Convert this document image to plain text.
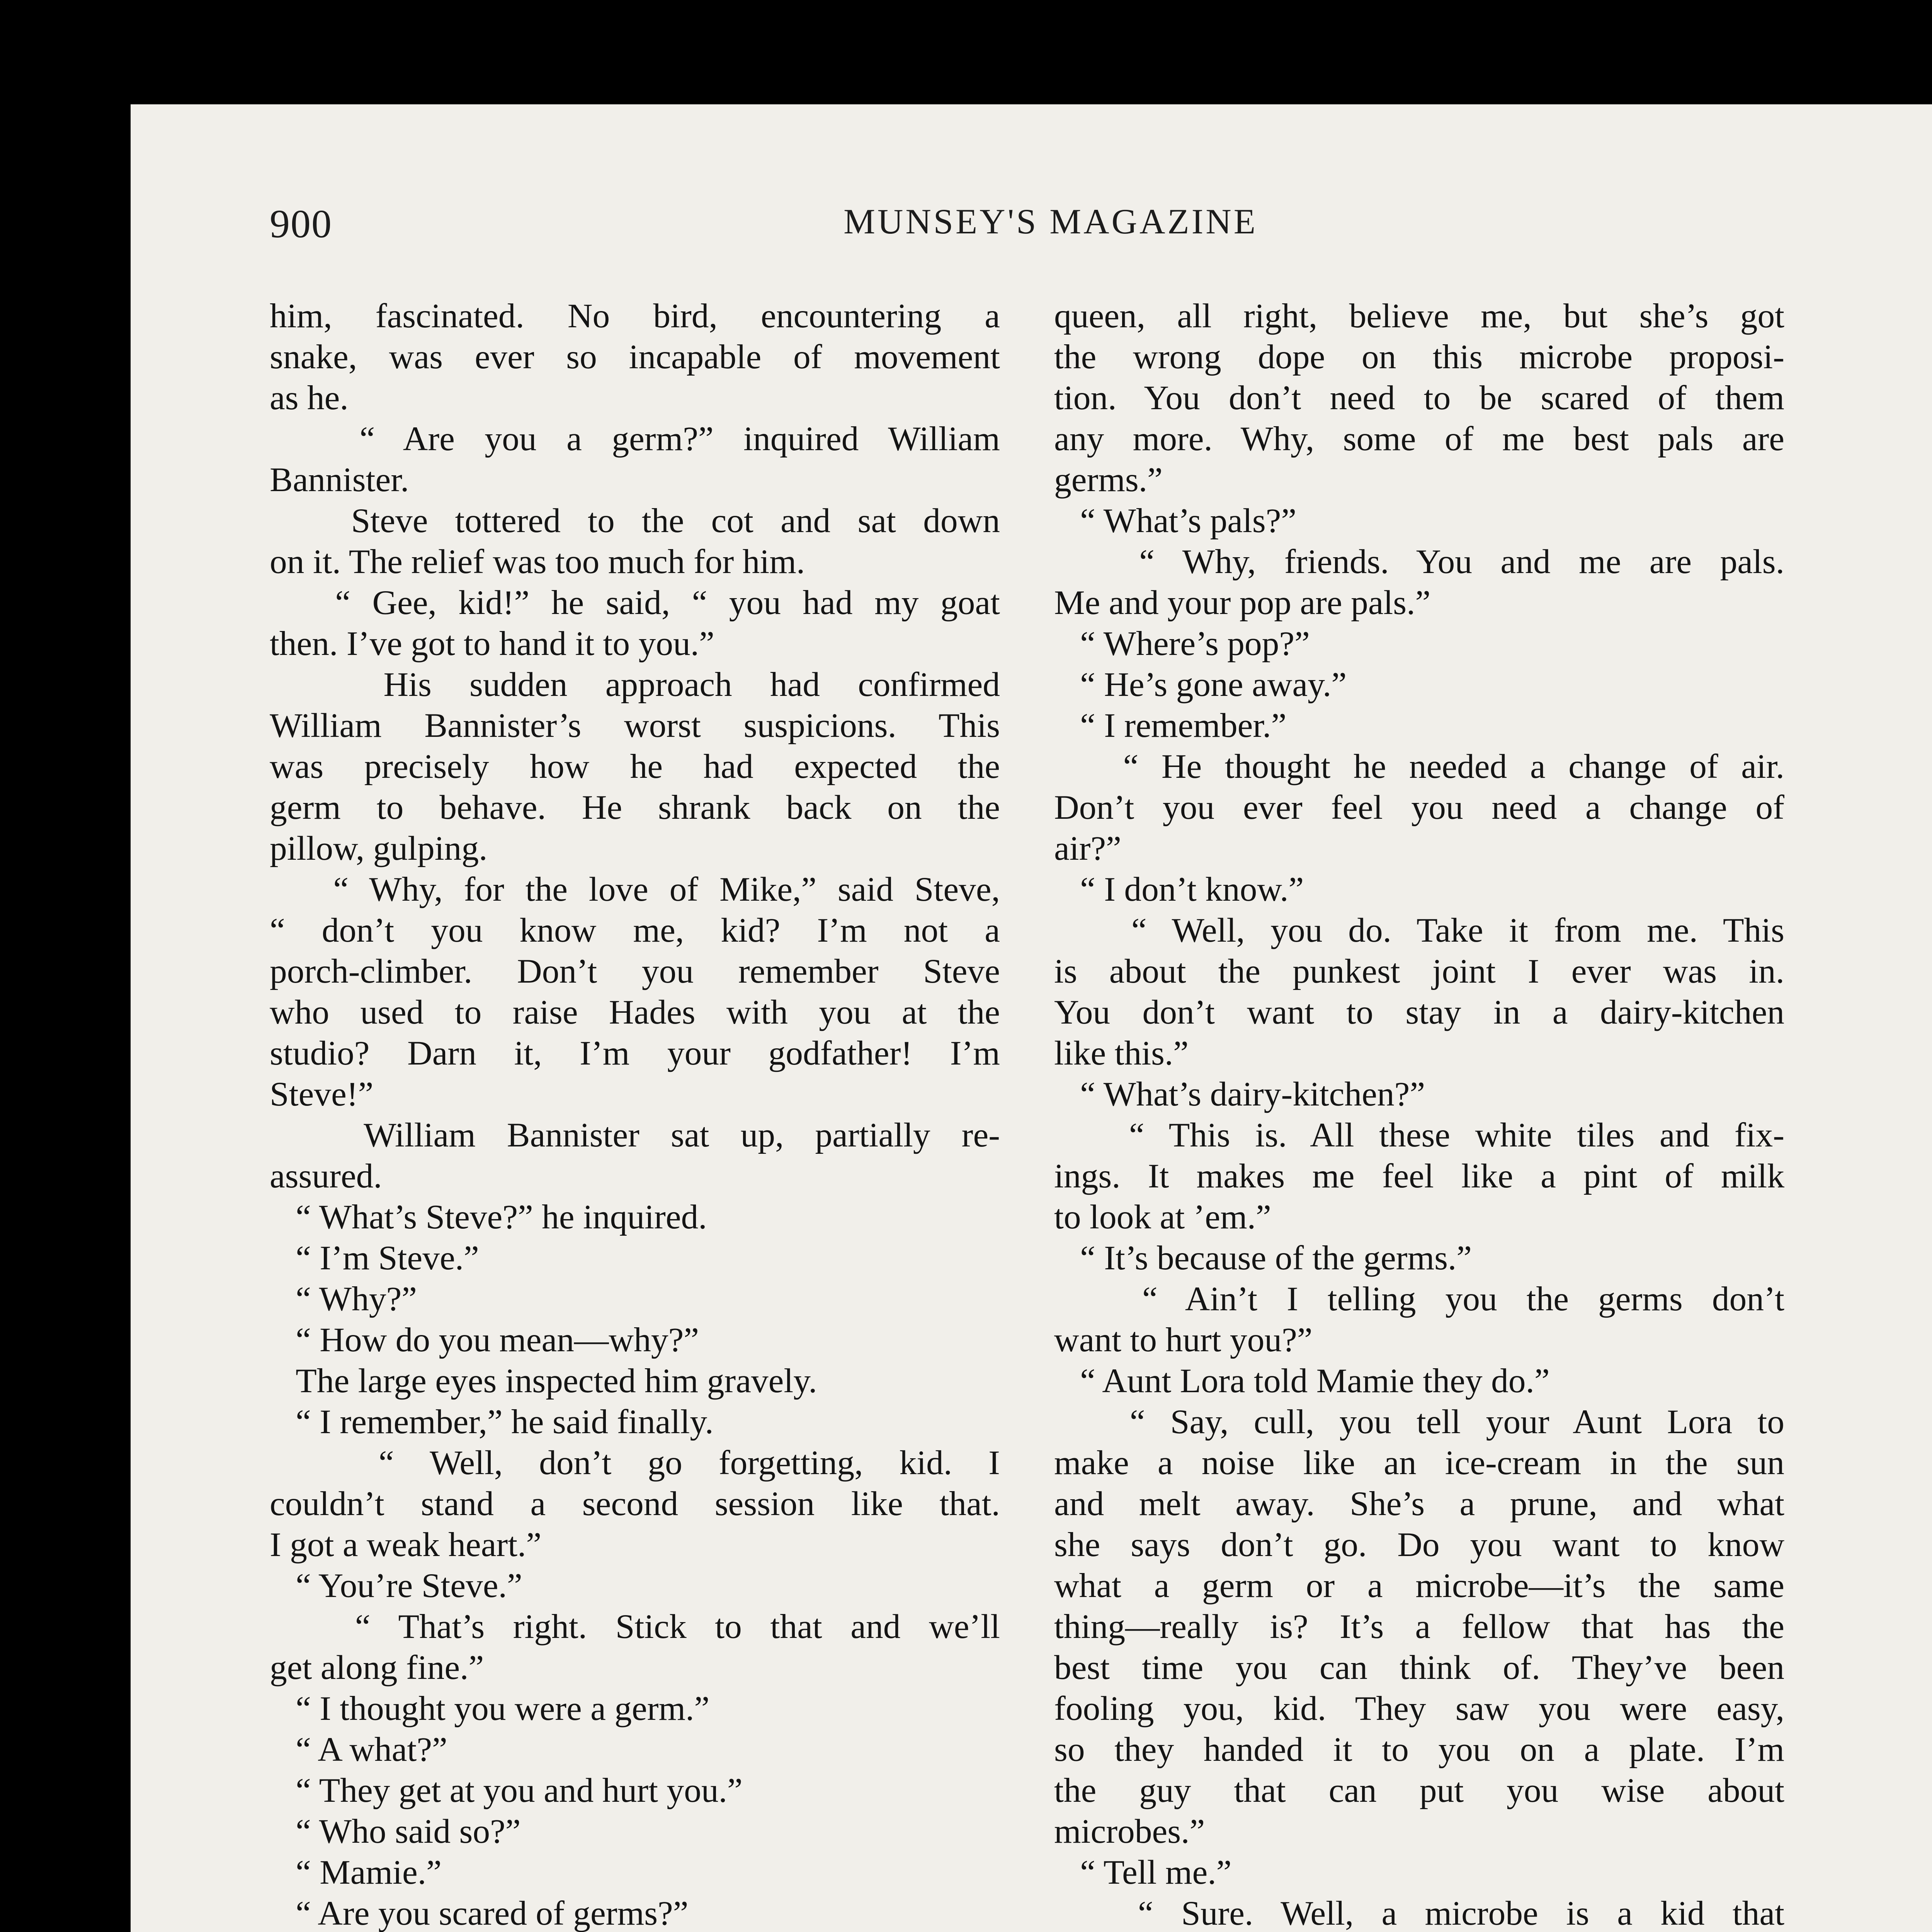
900	MUNSEY'S MAGAZINE
him, fascinated. No bird, encountering a
snake, was ever so incapable of movement
as he.
“ Are you a germ?” inquired William
Bannister.
Steve tottered to the cot and sat down
on it. The relief was too much for him.
“ Gee, kid!” he said, “ you had my goat
then. I’ve got to hand it to you.”
His sudden approach had confirmed
William Bannister’s worst suspicions. This
was precisely how he had expected the
germ to behave. He shrank back on the
pillow, gulping.
“ Why, for the love of Mike,” said Steve,
“ don’t you know me, kid? I’m not a
porch-climber. Don’t you remember Steve
who used to raise Hades with you at the
studio? Darn it, I’m your godfather! I’m
Steve!”
William Bannister sat up, partially re-
assured.
“ What’s Steve?” he inquired.
“ I’m Steve.”
“ Why?”
“ How do you mean—why?”
The large eyes inspected him gravely.
“ I remember,” he said finally.
“ Well, don’t go forgetting, kid. I
couldn’t stand a second session like that.
I got a weak heart.”
“ You’re Steve.”
“ That’s right. Stick to that and we’ll
get along fine.”
“ I thought you were a germ.”
“ A what?”
“ They get at you and hurt you.”
“ Who said so?”
“ Mamie.”
“ Are you scared of germs?”
queen, all right, believe me, but she’s got
the wrong dope on this microbe proposi-
tion. You don’t need to be scared of them
any more. Why, some of me best pals are
germs.”
“ What’s pals?”
“ Why, friends. You and me are pals.
Me and your pop are pals.”
“ Where’s pop?”
“ He’s gone away.”
“ I remember.”
“ He thought he needed a change of air.
Don’t you ever feel you need a change of
air?”
“ I don’t know.”
“ Well, you do. Take it from me. This
is about the punkest joint I ever was in.
You don’t want to stay in a dairy-kitchen
like this.”
“ What’s dairy-kitchen?”
“ This is. All these white tiles and fix-
ings. It makes me feel like a pint of milk
to look at ’em.”
“ It’s because of the germs.”
“ Ain’t I telling you the germs don’t
want to hurt you?”
“ Aunt Lora told Mamie they do.”
“ Say, cull, you tell your Aunt Lora to
make a noise like an ice-cream in the sun
and melt away. She’s a prune, and what
she says don’t go. Do you want to know
what a germ or a microbe—it’s the same
thing—really is? It’s a fellow that has the
best time you can think of. They’ve been
fooling you, kid. They saw you were easy,
so they handed it to you on a plate. I’m
the guy that can put you wise about
microbes.”
“ Tell me.”
“ Sure. Well, a microbe is a kid that
